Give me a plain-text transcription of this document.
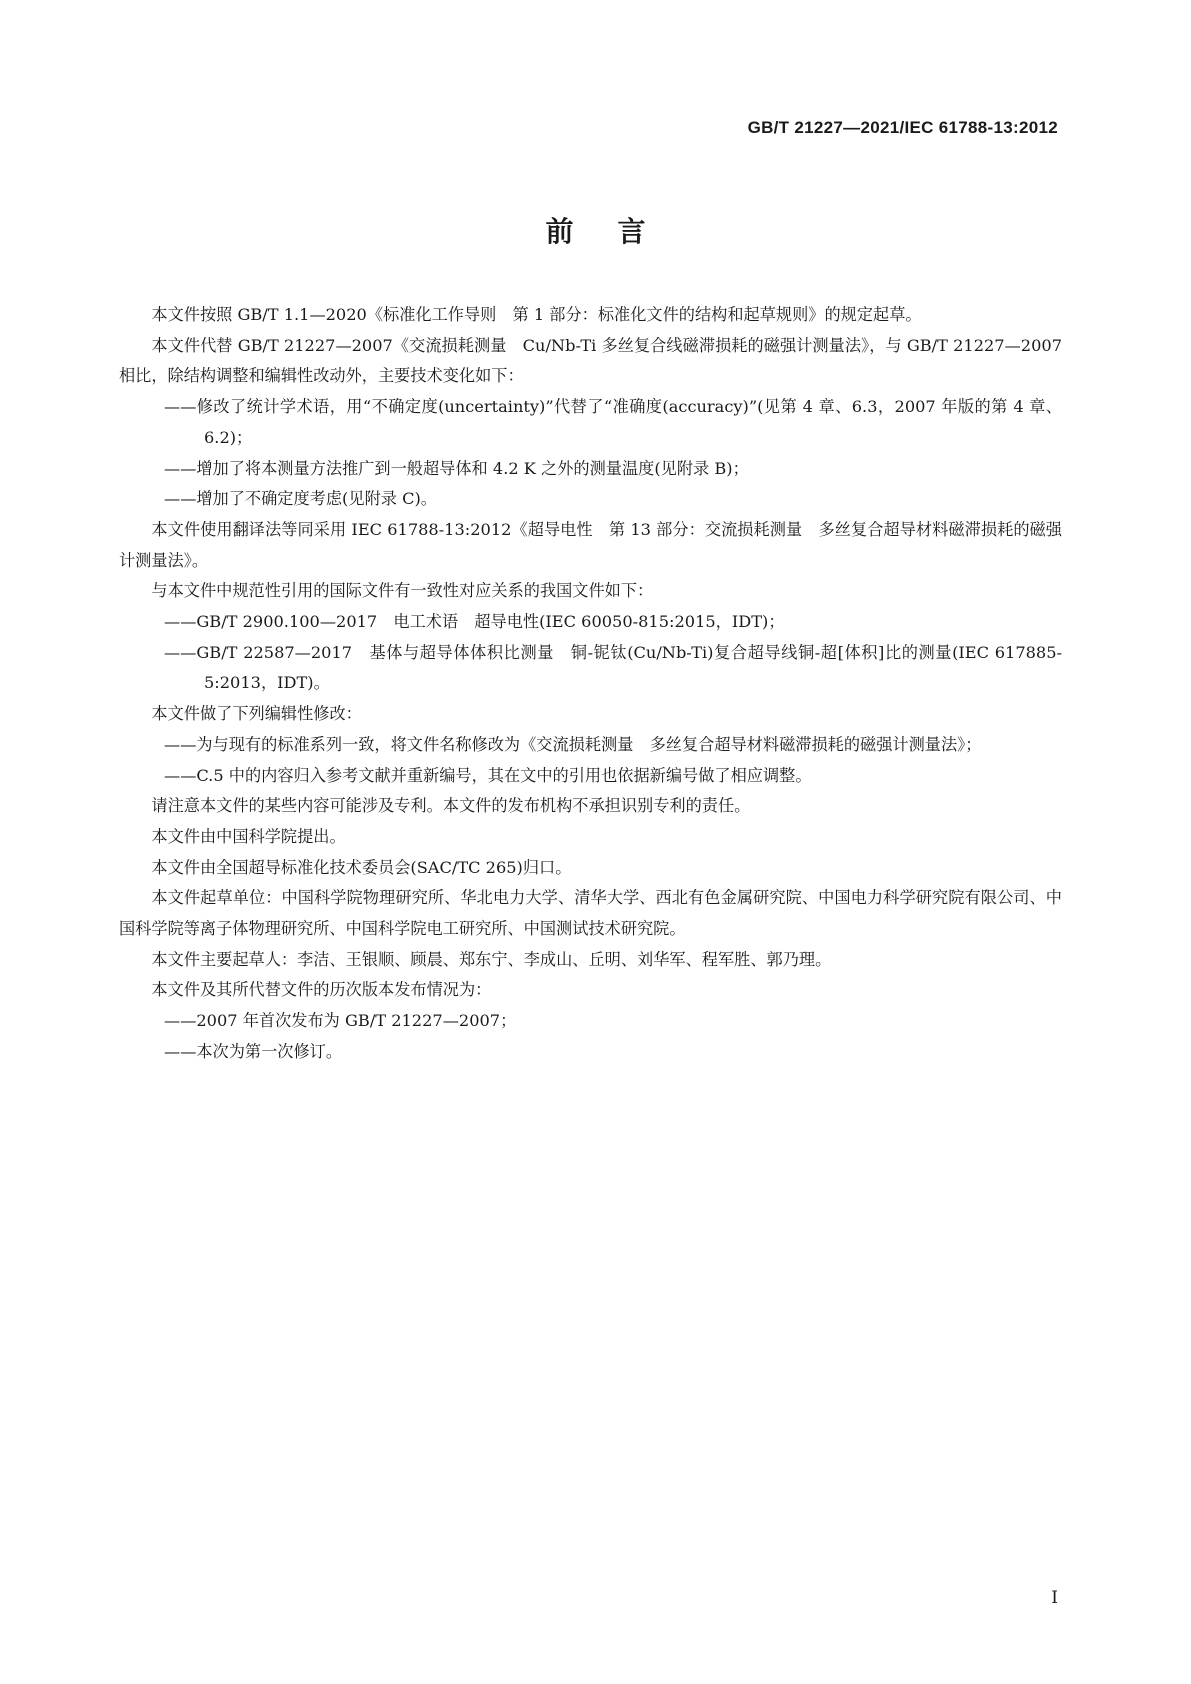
GB/T 21227—2021/IEC 61788-13:2012
前言

本文件按照 GB/T 1.1—2020《标准化工作导则　第 1 部分：标准化文件的结构和起草规则》的规定起草。

本文件代替 GB/T 21227—2007《交流损耗测量　Cu/Nb-Ti 多丝复合线磁滞损耗的磁强计测量法》，与 GB/T 21227—2007 相比，除结构调整和编辑性改动外，主要技术变化如下：

——修改了统计学术语，用“不确定度(uncertainty)”代替了“准确度(accuracy)”(见第 4 章、6.3，2007 年版的第 4 章、6.2)；

——增加了将本测量方法推广到一般超导体和 4.2 K 之外的测量温度(见附录 B)；

——增加了不确定度考虑(见附录 C)。

本文件使用翻译法等同采用 IEC 61788-13:2012《超导电性　第 13 部分：交流损耗测量　多丝复合超导材料磁滞损耗的磁强计测量法》。

与本文件中规范性引用的国际文件有一致性对应关系的我国文件如下：

——GB/T 2900.100—2017　电工术语　超导电性(IEC 60050-815:2015，IDT)；

——GB/T 22587—2017　基体与超导体体积比测量　铜-铌钛(Cu/Nb-Ti)复合超导线铜-超[体积]比的测量(IEC 617885-5:2013，IDT)。

本文件做了下列编辑性修改：

——为与现有的标准系列一致，将文件名称修改为《交流损耗测量　多丝复合超导材料磁滞损耗的磁强计测量法》；

——C.5 中的内容归入参考文献并重新编号，其在文中的引用也依据新编号做了相应调整。

请注意本文件的某些内容可能涉及专利。本文件的发布机构不承担识别专利的责任。

本文件由中国科学院提出。

本文件由全国超导标准化技术委员会(SAC/TC 265)归口。

本文件起草单位：中国科学院物理研究所、华北电力大学、清华大学、西北有色金属研究院、中国电力科学研究院有限公司、中国科学院等离子体物理研究所、中国科学院电工研究所、中国测试技术研究院。

本文件主要起草人：李洁、王银顺、顾晨、郑东宁、李成山、丘明、刘华军、程军胜、郭乃理。

本文件及其所代替文件的历次版本发布情况为：

——2007 年首次发布为 GB/T 21227—2007；

——本次为第一次修订。

I
